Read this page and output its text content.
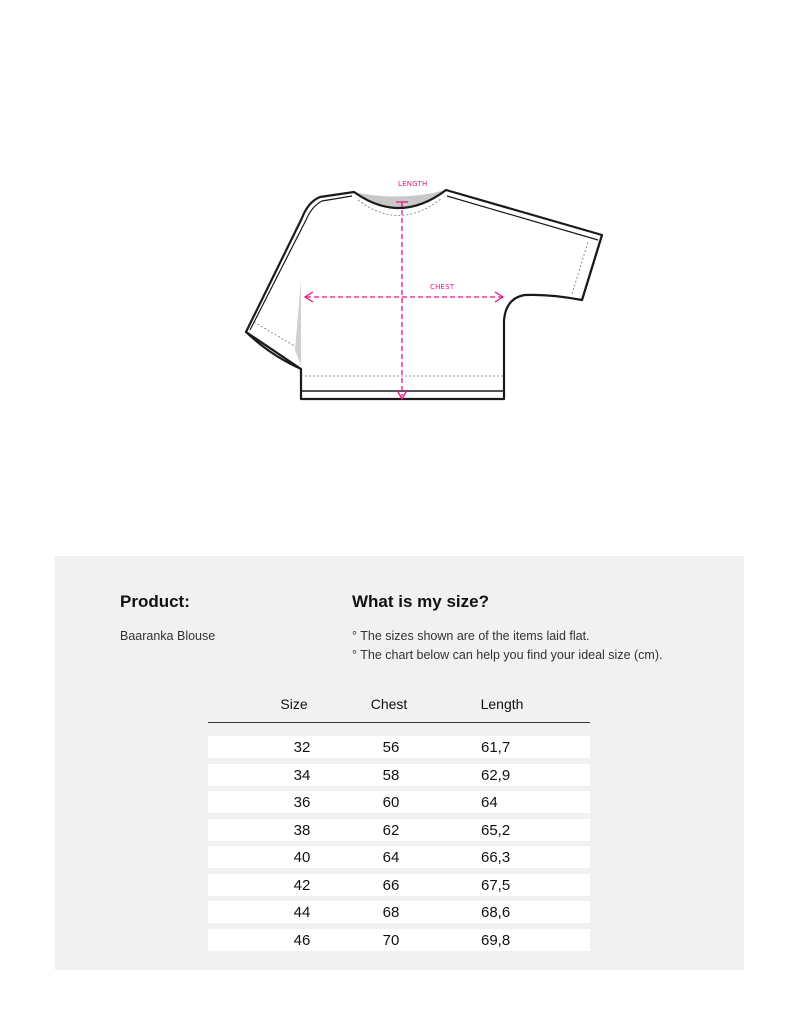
LENGTH
CHEST
Product:
Baaranka Blouse
What is my size?
° The sizes shown are of the items laid flat.
° The chart below can help you find your ideal size (cm).
Size	Chest	Length
32	56	61,7
34	58	62,9
36	60	64
38	62	65,2
40	64	66,3
42	66	67,5
44	68	68,6
46	70	69,8
